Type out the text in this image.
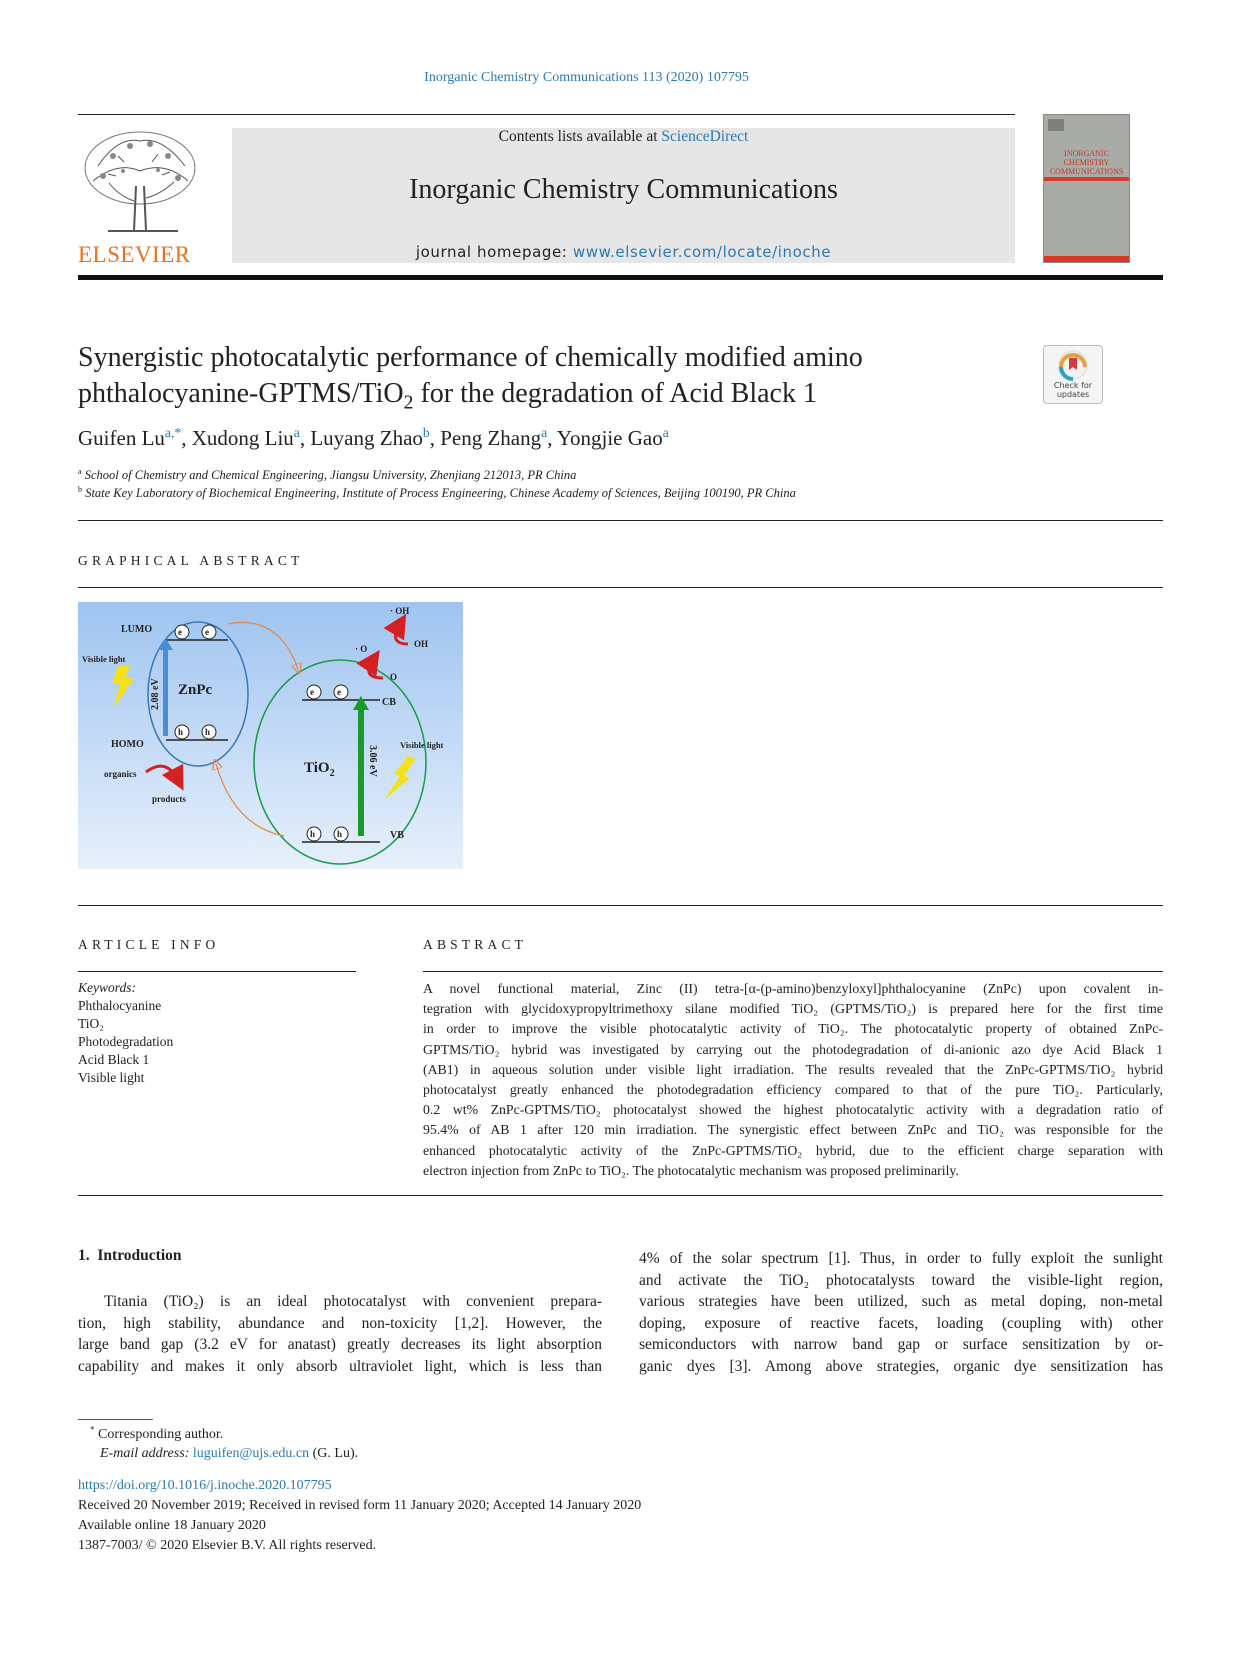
Inorganic Chemistry Communications 113 (2020) 107795
ELSEVIER
Contents lists available at ScienceDirect
Inorganic Chemistry Communications
journal homepage: www.elsevier.com/locate/inoche
INORGANIC
CHEMISTRY
COMMUNICATIONS
Synergistic photocatalytic performance of chemically modified amino
phthalocyanine-GPTMS/TiO$_2$ for the degradation of Acid Black 1	Check for updates
Guifen $Lu^{a,*}$, Xudong Liu$^a$, Luyang Zhao$^b$, Peng Zhang$^a$, Yongjie Gao$^a$
$^a$ School of Chemistry and Chemical Engineering, Jiangsu University, Zhenjiang 212013, PR China
$^b$ State Key Laboratory of Biochemical Engineering, Institute of Process Engineering, Chinese Academy of Sciences, Beijing 100190, PR China
GRAPHICAL ABSTRACT
2.08 eV ZnPc
LUMO
HOMO
e	e
h h
Visible light
organics
products
3.06 eV
TiO$_2$
CB
VB
e	e
h h
Visible light
· OH
OH
· O
O
ARTICLE INFO
Keywords:
Phthalocyanine
TiO₂
Photodegradation
Acid Black 1
Visible light
ABSTRACT
A novel functional material, Zinc (II) tetra-[α-(p-amino)benzyloxyl]phthalocyanine (ZnPc) upon covalent in-
tegration with glycidoxypropyltrimethoxy silane modified TiO₂ (GPTMS/TiO₂) is prepared here for the first time
in order to improve the visible photocatalytic activity of TiO₂. The photocatalytic property of obtained ZnPc-
GPTMS/TiO₂ hybrid was investigated by carrying out the photodegradation of di-anionic azo dye Acid Black 1
(AB1) in aqueous solution under visible light irradiation. The results revealed that the ZnPc-GPTMS/TiO₂ hybrid
photocatalyst greatly enhanced the photodegradation efficiency compared to that of the pure TiO₂. Particularly,
0.2 wt% ZnPc-GPTMS/TiO₂ photocatalyst showed the highest photocatalytic activity with a degradation ratio of
95.4% of AB 1 after 120 min irradiation. The synergistic effect between ZnPc and TiO₂ was responsible for the
enhanced photocatalytic activity of the ZnPc-GPTMS/TiO₂ hybrid, due to the efficient charge separation with
electron injection from ZnPc to TiO₂. The photocatalytic mechanism was proposed preliminarily.
1.  Introduction
Titania (TiO₂) is an ideal photocatalyst with convenient prepara-
tion, high stability, abundance and non-toxicity [1,2]. However, the
large band gap (3.2 eV for anatast) greatly decreases its light absorption
capability and makes it only absorb ultraviolet light, which is less than
4% of the solar spectrum [1]. Thus, in order to fully exploit the sunlight
and activate the TiO₂ photocatalysts toward the visible-light region,
various strategies have been utilized, such as metal doping, non-metal
doping, exposure of reactive facets, loading (coupling with) other
semiconductors with narrow band gap or surface sensitization by or-
ganic dyes [3]. Among above strategies, organic dye sensitization has
* Corresponding author.
E-mail address: luguifen@ujs.edu.cn (G. Lu).
https://doi.org/10.1016/j.inoche.2020.107795
Received 20 November 2019; Received in revised form 11 January 2020; Accepted 14 January 2020
Available online 18 January 2020
1387-7003/ © 2020 Elsevier B.V. All rights reserved.
